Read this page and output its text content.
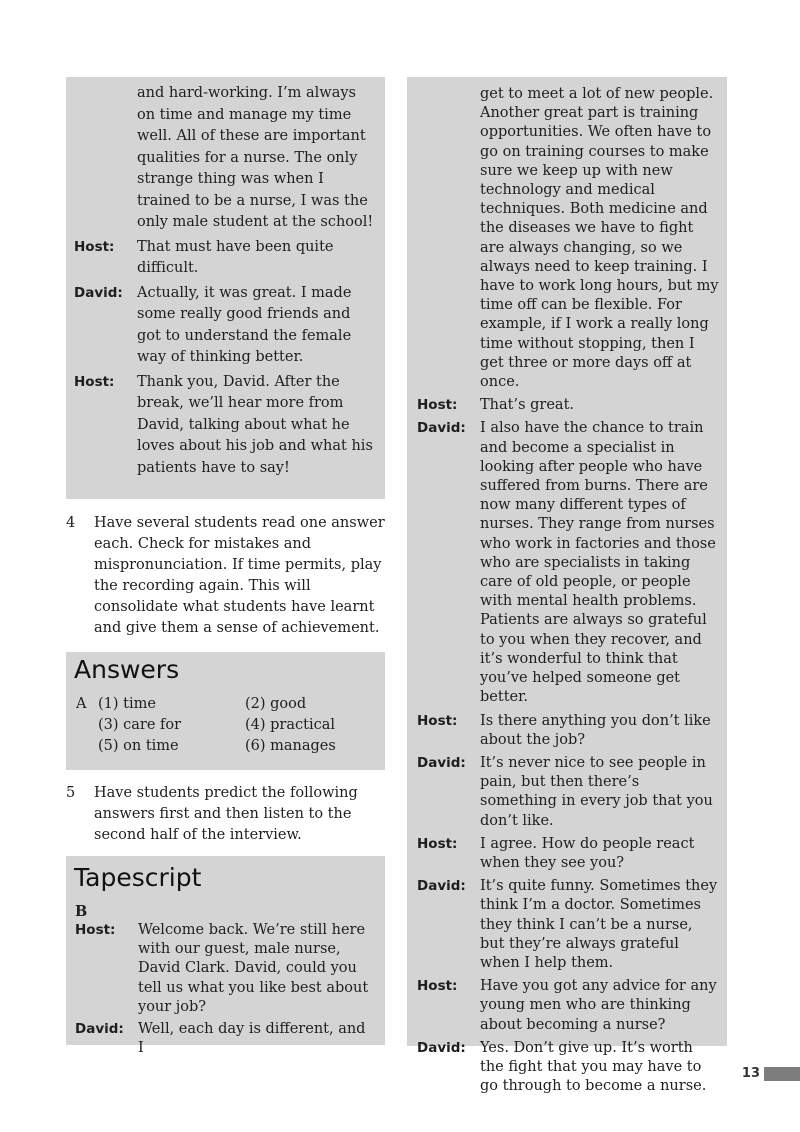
and hard-working. I’m always on time and manage my time well. All of these are important qualities for a nurse. The only strange thing was when I trained to be a nurse, I was the only male student at the school!
Host:	That must have been quite difficult.
David: Actually, it was great. I made some really good friends and got to understand the female way of thinking better.
Host:	Thank you, David. After the break, we’ll hear more from David, talking about what he loves about his job and what his patients have to say!
4	Have several students read one answer each. Check for mistakes and mispronunciation. If time permits, play the recording again. This will consolidate what students have learnt and give them a sense of achievement.
Answers
A (1) time	(2) good
(3) care for	(4) practical
(5) on time	(6) manages
5	Have students predict the following answers first and then listen to the second half of the interview.
Tapescript
B
Host:	Welcome back. We’re still here with our guest, male nurse, David Clark. David, could you tell us what you like best about your job?
David: Well, each day is different, and I
get to meet a lot of new people. Another great part is training opportunities. We often have to go on training courses to make sure we keep up with new technology and medical techniques. Both medicine and the diseases we have to fight are always changing, so we always need to keep training. I have to work long hours, but my time off can be flexible. For example, if I work a really long time without stopping, then I get three or more days off at once.
Host:	That’s great.
David: I also have the chance to train and become a specialist in looking after people who have suffered from burns. There are now many different types of nurses. They range from nurses who work in factories and those who are specialists in taking care of old people, or people with mental health problems. Patients are always so grateful to you when they recover, and it’s wonderful to think that you’ve helped someone get better.
Host:	Is there anything you don’t like about the job?
David: It’s never nice to see people in pain, but then there’s something in every job that you don’t like.
Host:	I agree. How do people react when they see you?
David: It’s quite funny. Sometimes they think I’m a doctor. Sometimes they think I can’t be a nurse, but they’re always grateful when I help them.
Host:	Have you got any advice for any young men who are thinking about becoming a nurse?
David: Yes. Don’t give up. It’s worth the fight that you may have to go through to become a nurse.
13
